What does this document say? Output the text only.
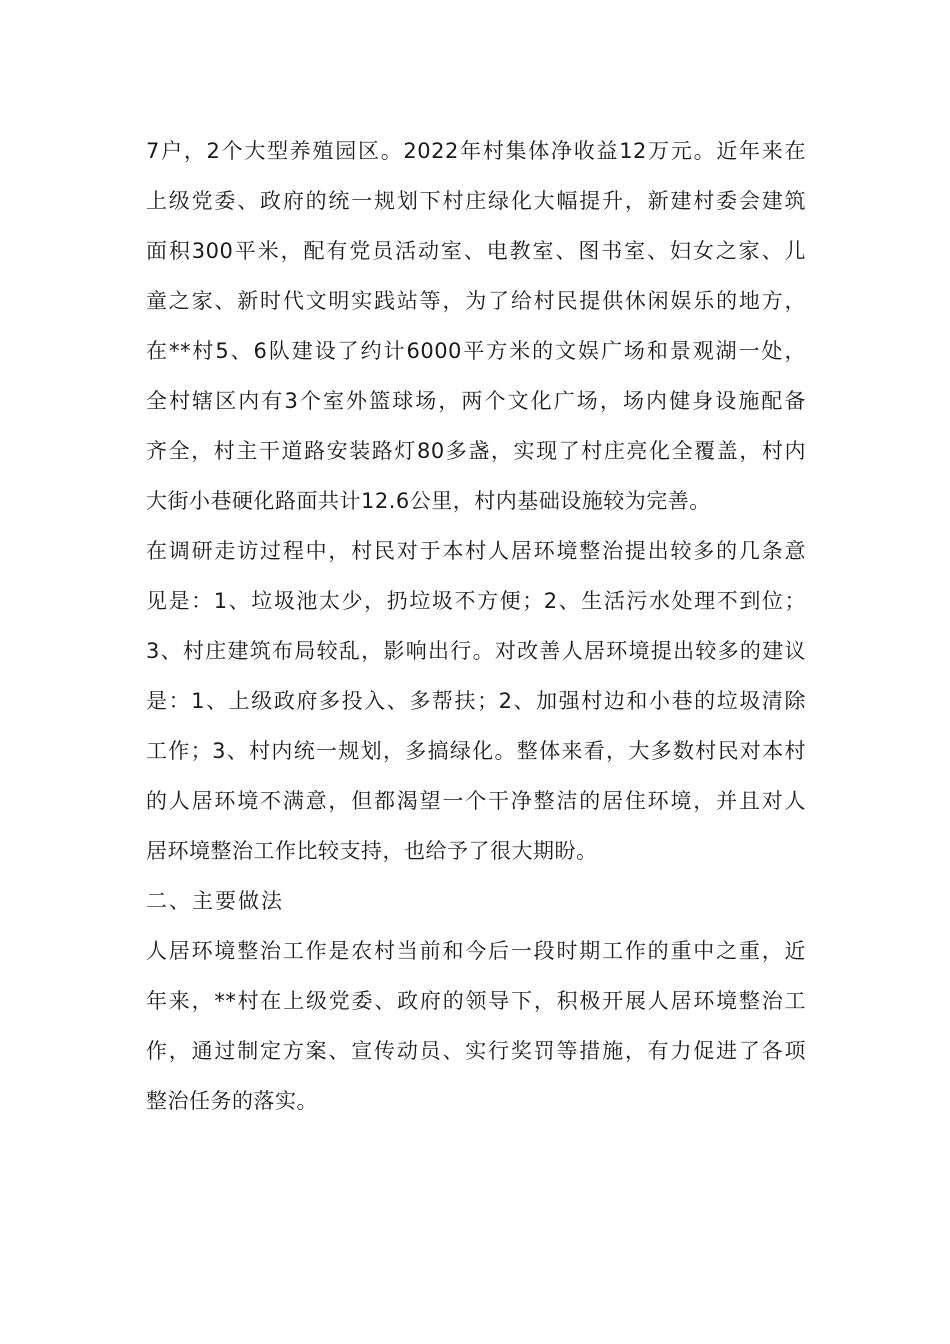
7户，2个大型养殖园区。2022年村集体净收益12万元。近年来在
上级党委、政府的统一规划下村庄绿化大幅提升，新建村委会建筑
面积300平米，配有党员活动室、电教室、图书室、妇女之家、儿
童之家、新时代文明实践站等，为了给村民提供休闲娱乐的地方，
在**村5、6队建设了约计6000平方米的文娱广场和景观湖一处，
全村辖区内有3个室外篮球场，两个文化广场，场内健身设施配备
齐全，村主干道路安装路灯80多盏，实现了村庄亮化全覆盖，村内
大街小巷硬化路面共计12.6公里，村内基础设施较为完善。
在调研走访过程中，村民对于本村人居环境整治提出较多的几条意
见是：1、垃圾池太少，扔垃圾不方便；2、生活污水处理不到位；
3、村庄建筑布局较乱，影响出行。对改善人居环境提出较多的建议
是：1、上级政府多投入、多帮扶；2、加强村边和小巷的垃圾清除
工作；3、村内统一规划，多搞绿化。整体来看，大多数村民对本村
的人居环境不满意，但都渴望一个干净整洁的居住环境，并且对人
居环境整治工作比较支持，也给予了很大期盼。
二、主要做法
人居环境整治工作是农村当前和今后一段时期工作的重中之重，近
年来，**村在上级党委、政府的领导下，积极开展人居环境整治工
作，通过制定方案、宣传动员、实行奖罚等措施，有力促进了各项
整治任务的落实。
